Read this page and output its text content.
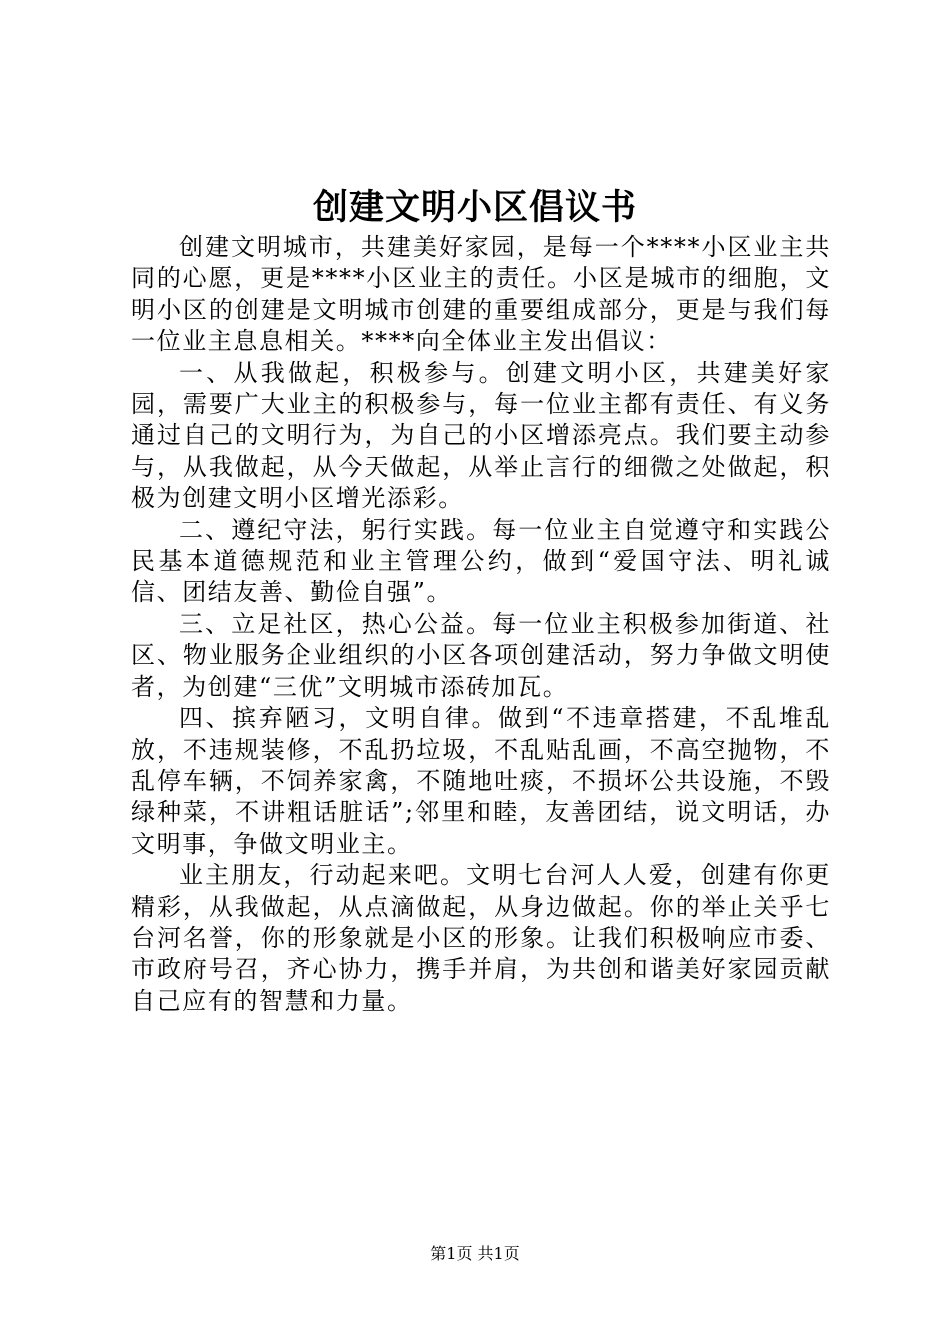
创建文明小区倡议书

创建文明城市，共建美好家园，是每一个****小区业主共同的心愿，更是****小区业主的责任。小区是城市的细胞，文明小区的创建是文明城市创建的重要组成部分，更是与我们每一位业主息息相关。****向全体业主发出倡议：

一、从我做起，积极参与。创建文明小区，共建美好家园，需要广大业主的积极参与，每一位业主都有责任、有义务通过自己的文明行为，为自己的小区增添亮点。我们要主动参与，从我做起，从今天做起，从举止言行的细微之处做起，积极为创建文明小区增光添彩。

二、遵纪守法，躬行实践。每一位业主自觉遵守和实践公民基本道德规范和业主管理公约，做到“爱国守法、明礼诚信、团结友善、勤俭自强”。

三、立足社区，热心公益。每一位业主积极参加街道、社区、物业服务企业组织的小区各项创建活动，努力争做文明使者，为创建“三优”文明城市添砖加瓦。

四、摈弃陋习，文明自律。做到“不违章搭建，不乱堆乱放，不违规装修，不乱扔垃圾，不乱贴乱画，不高空抛物，不乱停车辆，不饲养家禽，不随地吐痰，不损坏公共设施，不毁绿种菜，不讲粗话脏话”;邻里和睦，友善团结，说文明话，办文明事，争做文明业主。

业主朋友，行动起来吧。文明七台河人人爱，创建有你更精彩，从我做起，从点滴做起，从身边做起。你的举止关乎七台河名誉，你的形象就是小区的形象。让我们积极响应市委、市政府号召，齐心协力，携手并肩，为共创和谐美好家园贡献自己应有的智慧和力量。

第1页 共1页
